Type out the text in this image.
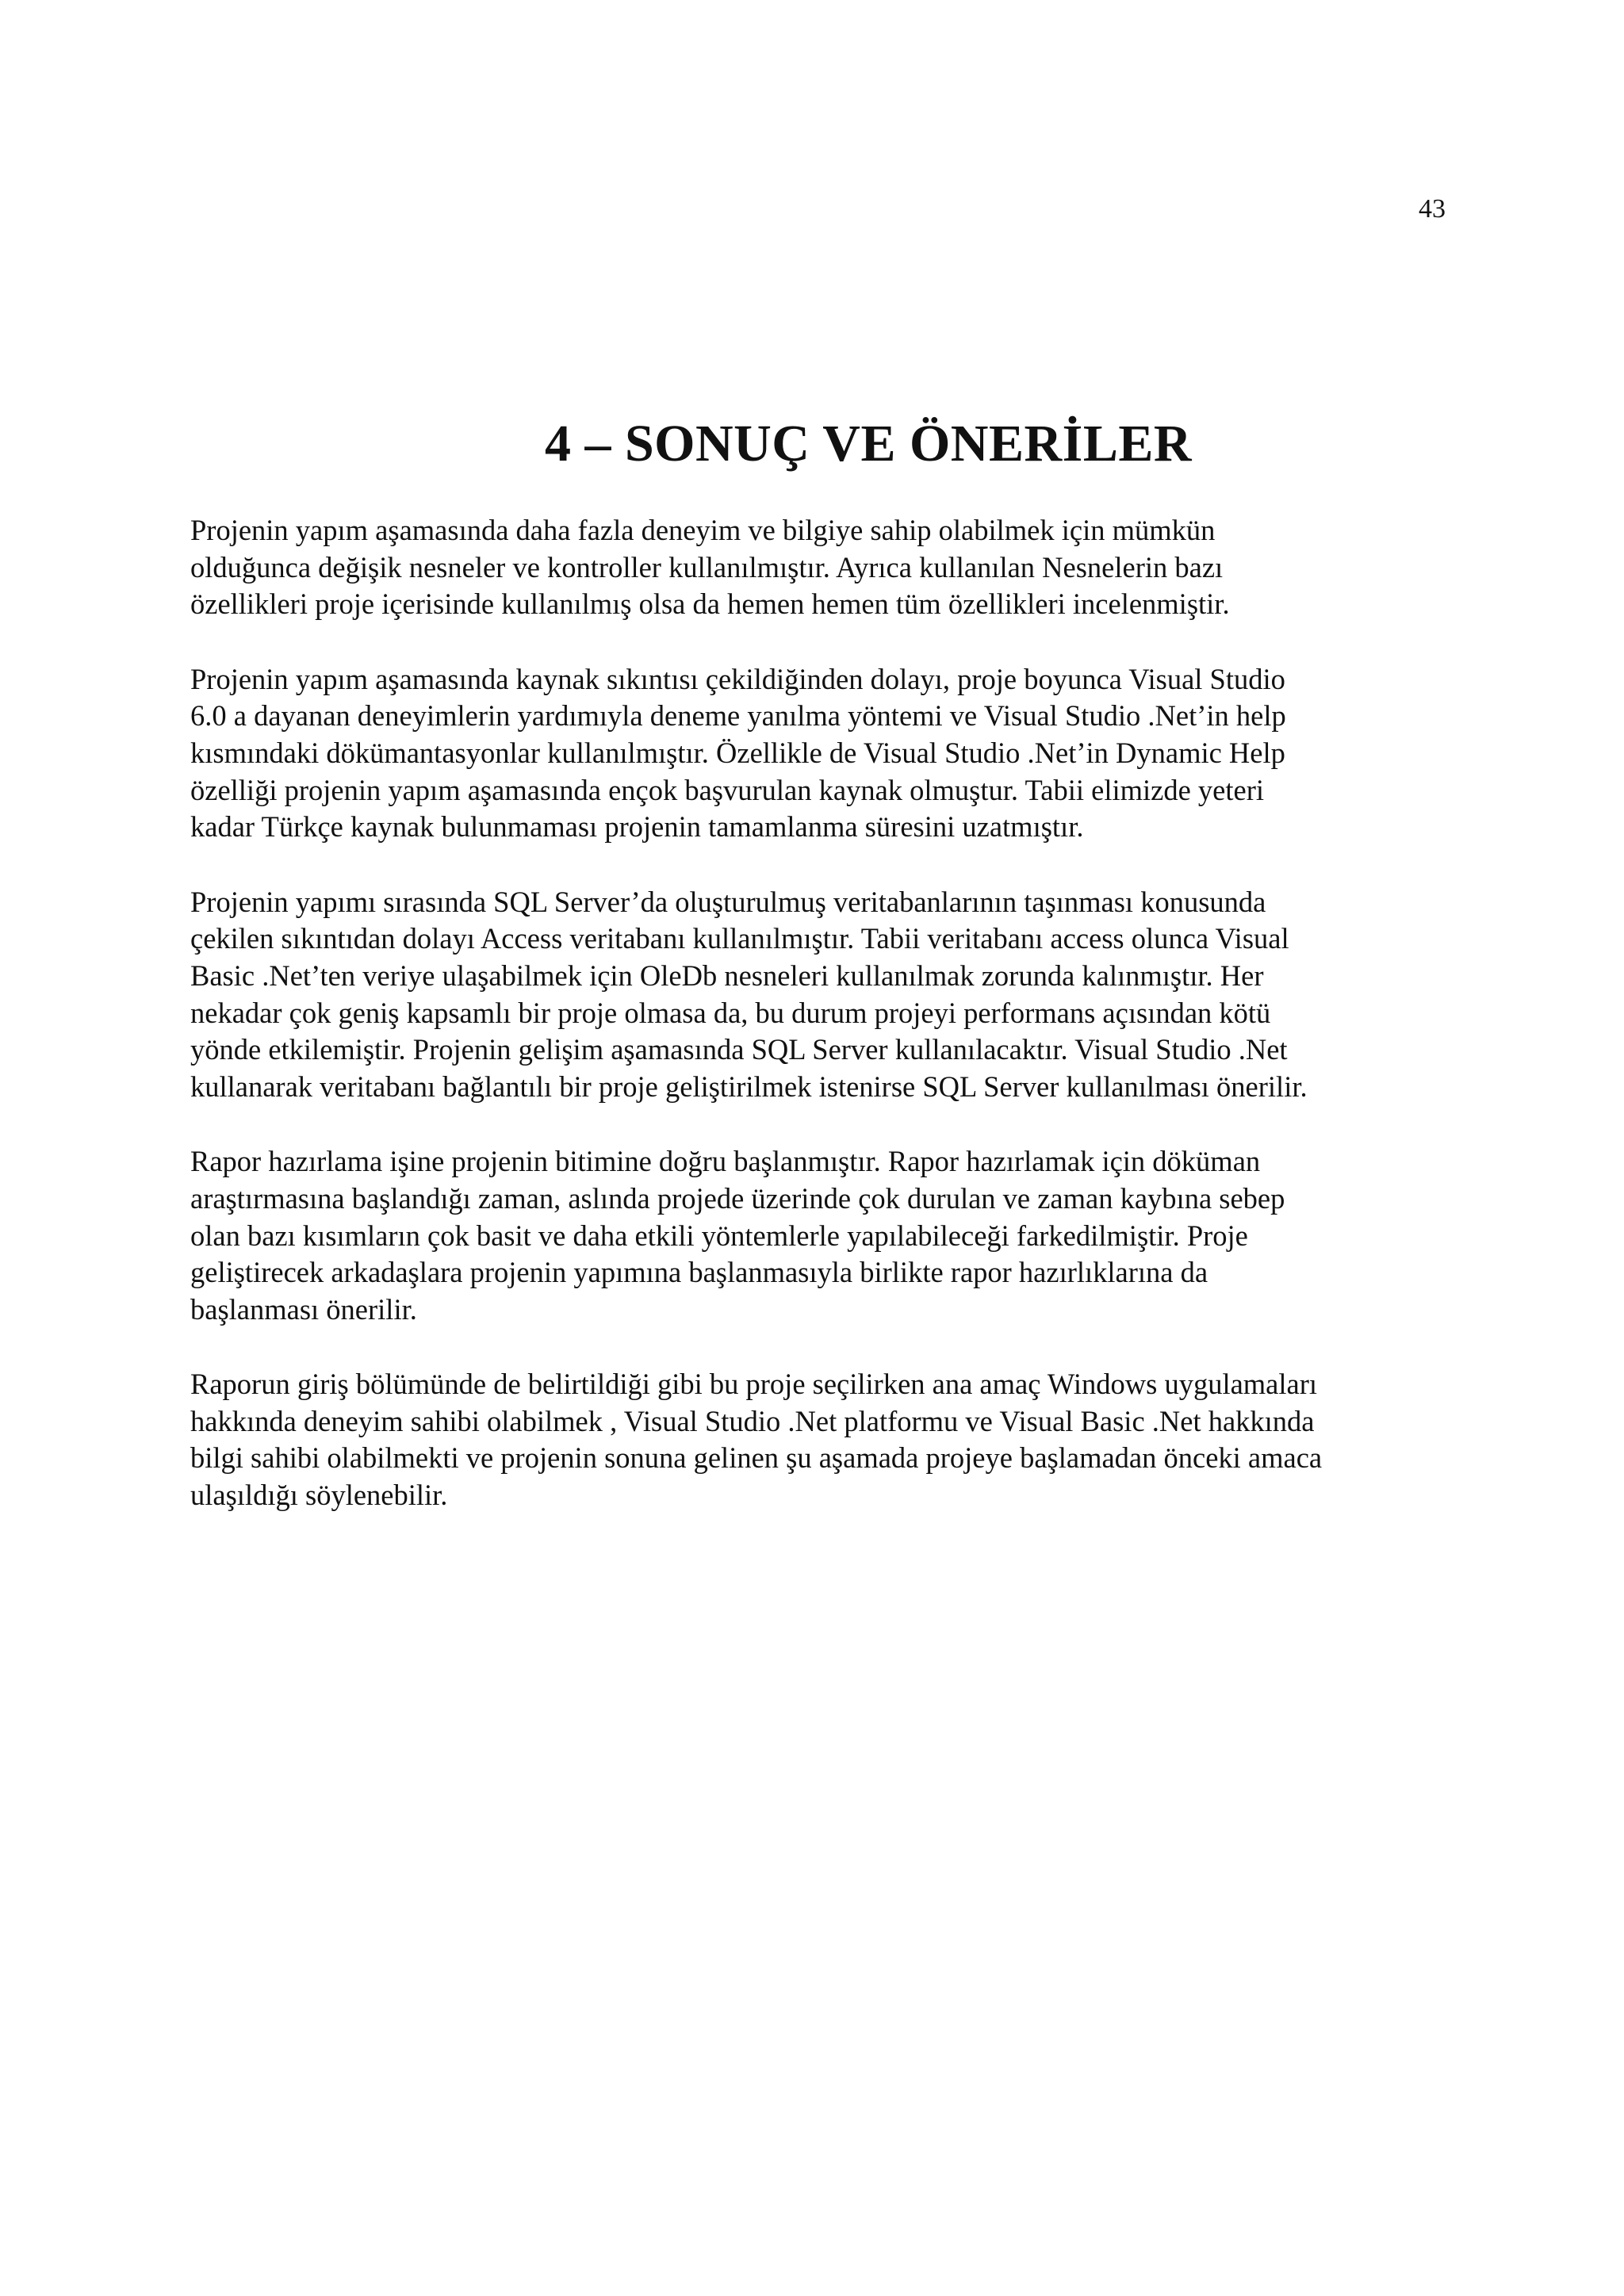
43
4 – SONUÇ VE ÖNERİLER

Projenin yapım aşamasında daha fazla deneyim ve bilgiye sahip olabilmek için mümkün
olduğunca değişik nesneler ve kontroller kullanılmıştır. Ayrıca kullanılan Nesnelerin bazı
özellikleri proje içerisinde kullanılmış olsa da hemen hemen tüm özellikleri incelenmiştir.

Projenin yapım aşamasında kaynak sıkıntısı çekildiğinden dolayı, proje boyunca Visual Studio
6.0 a dayanan deneyimlerin yardımıyla deneme yanılma yöntemi ve Visual Studio .Net’in help
kısmındaki dökümantasyonlar kullanılmıştır. Özellikle de Visual Studio .Net’in Dynamic Help
özelliği projenin yapım aşamasında ençok başvurulan kaynak olmuştur. Tabii elimizde yeteri
kadar Türkçe kaynak bulunmaması projenin tamamlanma süresini uzatmıştır.

Projenin yapımı sırasında SQL Server’da oluşturulmuş veritabanlarının taşınması konusunda
çekilen sıkıntıdan dolayı Access veritabanı kullanılmıştır. Tabii veritabanı access olunca Visual
Basic .Net’ten veriye ulaşabilmek için OleDb nesneleri kullanılmak zorunda kalınmıştır. Her
nekadar çok geniş kapsamlı bir proje olmasa da, bu durum projeyi performans açısından kötü
yönde etkilemiştir. Projenin gelişim aşamasında SQL Server kullanılacaktır. Visual Studio .Net
kullanarak veritabanı bağlantılı bir proje geliştirilmek istenirse SQL Server kullanılması önerilir.

Rapor hazırlama işine projenin bitimine doğru başlanmıştır. Rapor hazırlamak için döküman
araştırmasına başlandığı zaman, aslında projede üzerinde çok durulan ve zaman kaybına sebep
olan bazı kısımların çok basit ve daha etkili yöntemlerle yapılabileceği farkedilmiştir. Proje
geliştirecek arkadaşlara projenin yapımına başlanmasıyla birlikte rapor hazırlıklarına da
başlanması önerilir.

Raporun giriş bölümünde de belirtildiği gibi bu proje seçilirken ana amaç Windows uygulamaları
hakkında deneyim sahibi olabilmek , Visual Studio .Net platformu ve Visual Basic .Net hakkında
bilgi sahibi olabilmekti ve projenin sonuna gelinen şu aşamada projeye başlamadan önceki amaca
ulaşıldığı söylenebilir.
